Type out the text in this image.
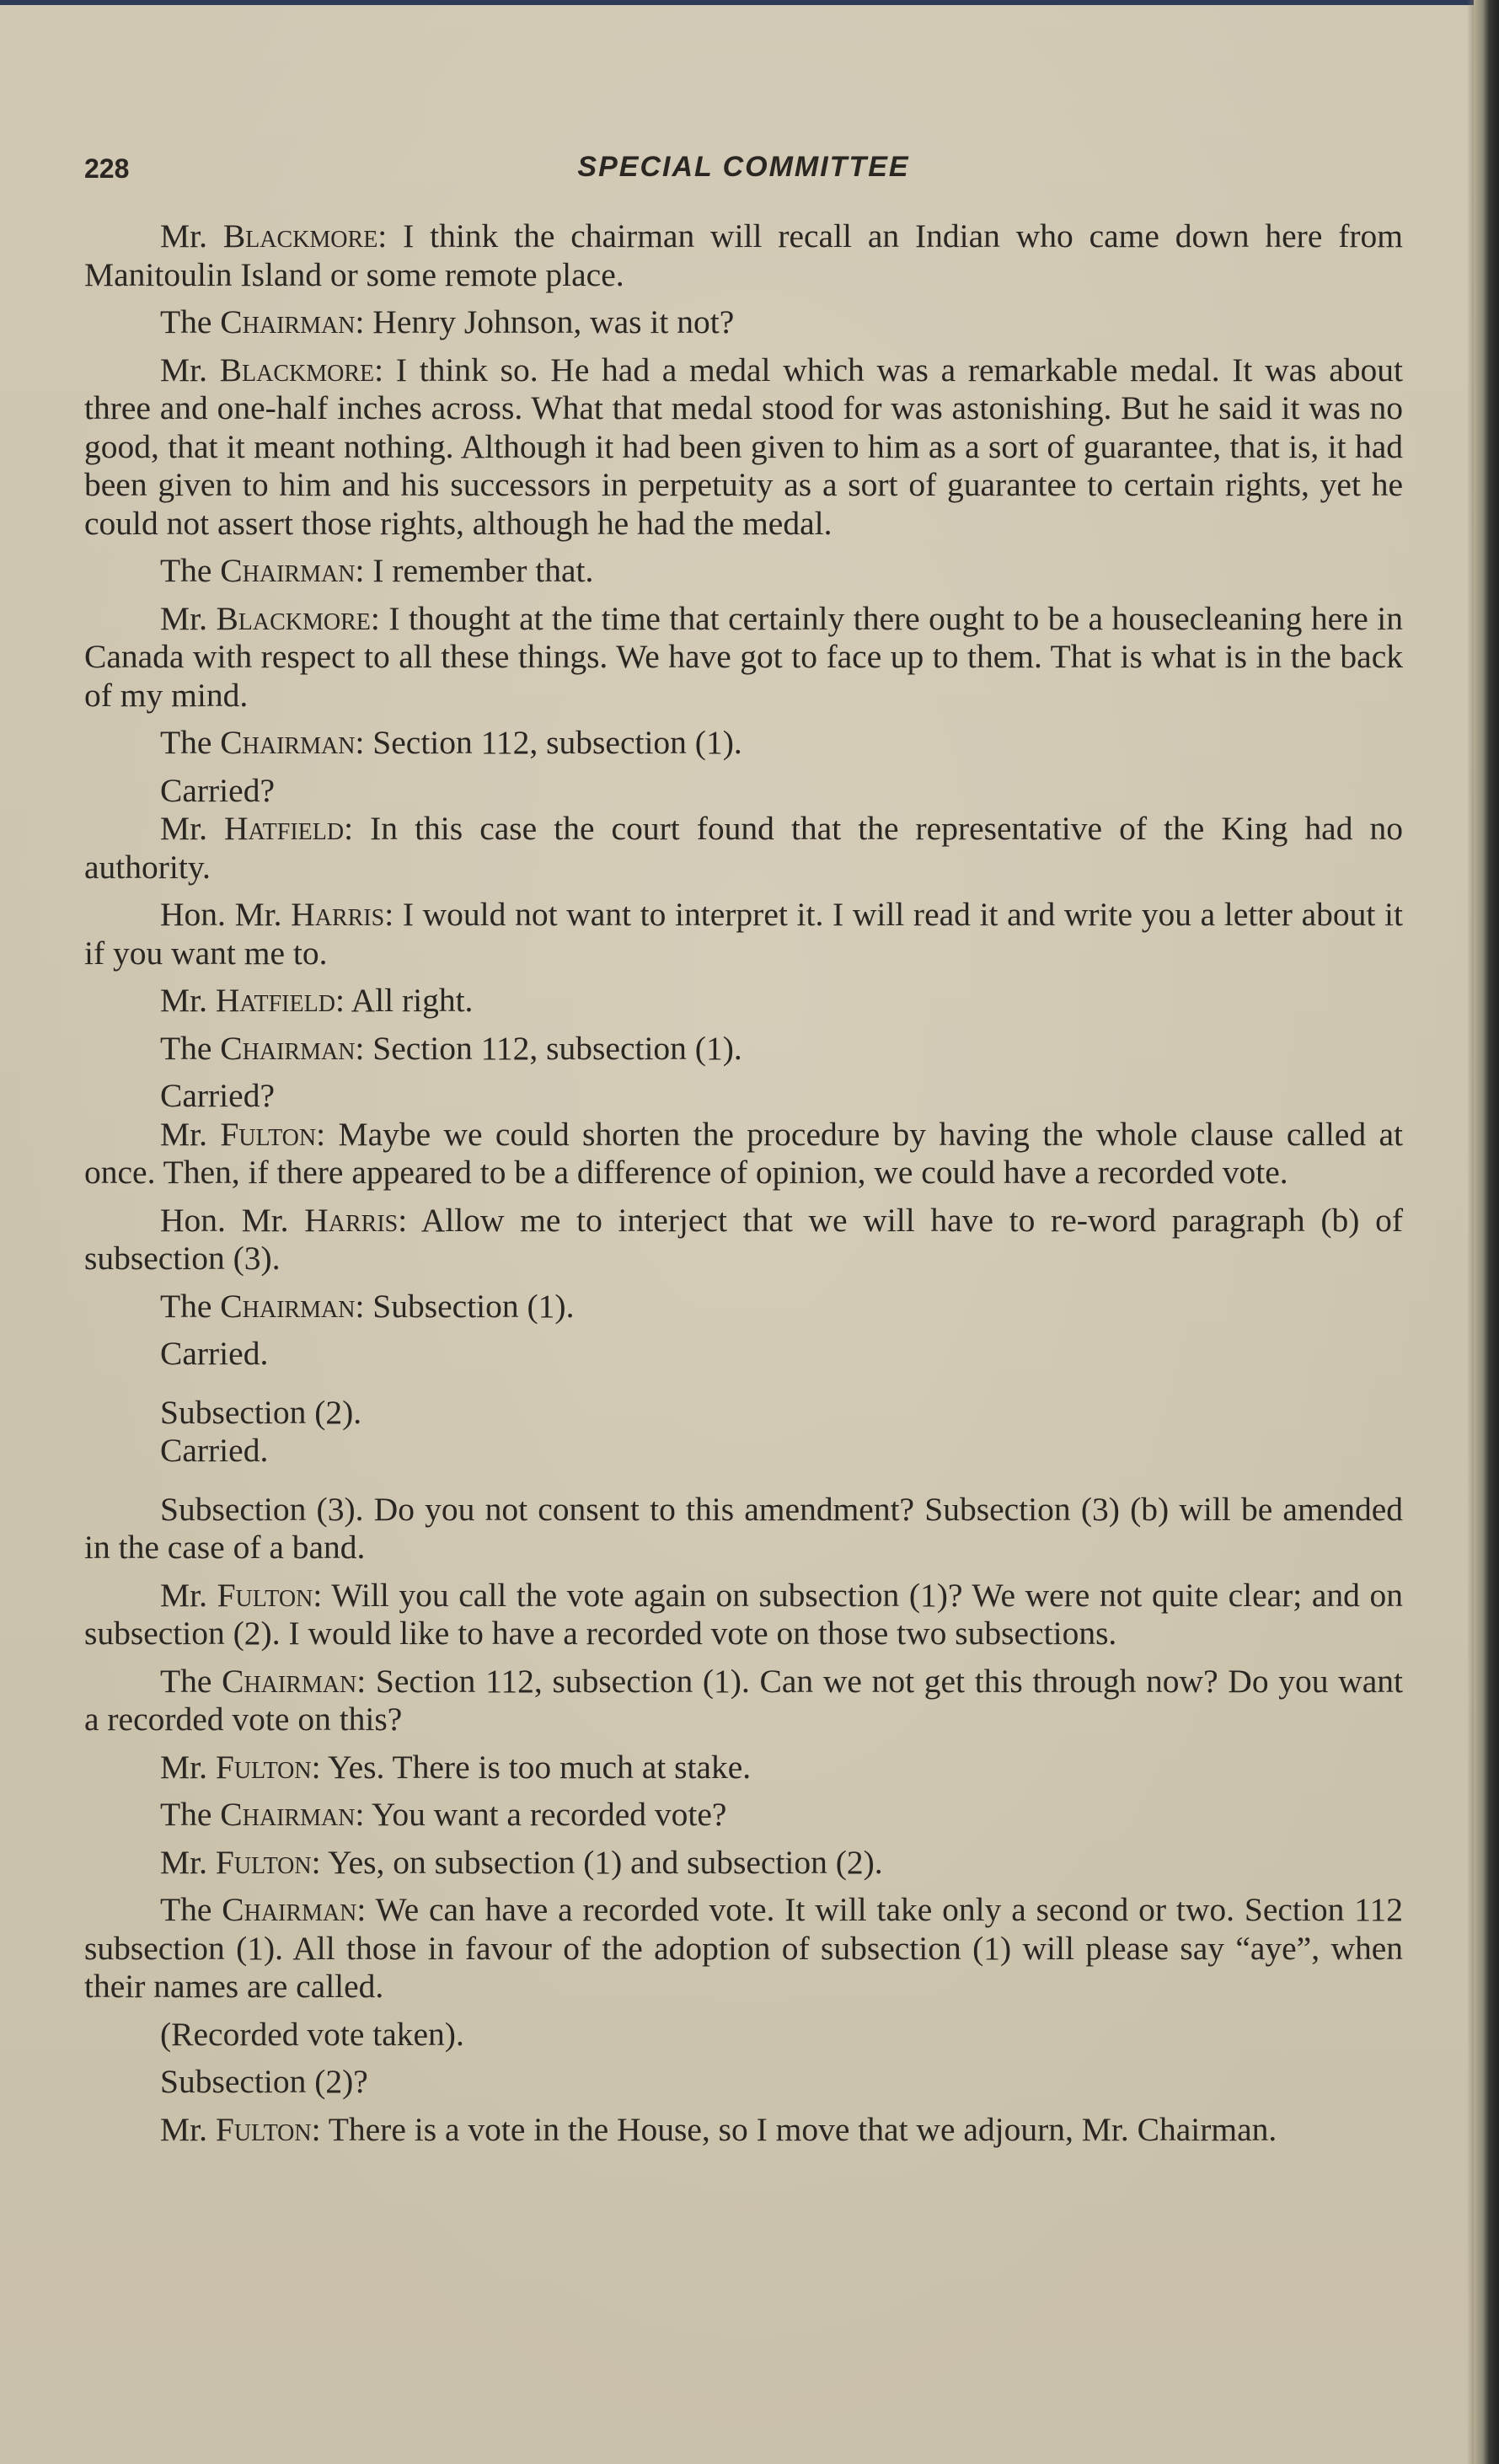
228	SPECIAL COMMITTEE

Mr. Blackmore: I think the chairman will recall an Indian who came down here from Manitoulin Island or some remote place.

The Chairman: Henry Johnson, was it not?

Mr. Blackmore: I think so. He had a medal which was a remarkable medal. It was about three and one-half inches across. What that medal stood for was astonishing. But he said it was no good, that it meant nothing. Although it had been given to him as a sort of guarantee, that is, it had been given to him and his successors in perpetuity as a sort of guarantee to certain rights, yet he could not assert those rights, although he had the medal.

The Chairman: I remember that.

Mr. Blackmore: I thought at the time that certainly there ought to be a housecleaning here in Canada with respect to all these things. We have got to face up to them. That is what is in the back of my mind.

The Chairman: Section 112, subsection (1).

Carried?

Mr. Hatfield: In this case the court found that the representative of the King had no authority.

Hon. Mr. Harris: I would not want to interpret it. I will read it and write you a letter about it if you want me to.

Mr. Hatfield: All right.

The Chairman: Section 112, subsection (1).

Carried?

Mr. Fulton: Maybe we could shorten the procedure by having the whole clause called at once. Then, if there appeared to be a difference of opinion, we could have a recorded vote.

Hon. Mr. Harris: Allow me to interject that we will have to re-word paragraph (b) of subsection (3).

The Chairman: Subsection (1).

Carried.

Subsection (2).

Carried.

Subsection (3). Do you not consent to this amendment? Subsection (3) (b) will be amended in the case of a band.

Mr. Fulton: Will you call the vote again on subsection (1)? We were not quite clear; and on subsection (2). I would like to have a recorded vote on those two subsections.

The Chairman: Section 112, subsection (1). Can we not get this through now? Do you want a recorded vote on this?

Mr. Fulton: Yes. There is too much at stake.

The Chairman: You want a recorded vote?

Mr. Fulton: Yes, on subsection (1) and subsection (2).

The Chairman: We can have a recorded vote. It will take only a second or two. Section 112 subsection (1). All those in favour of the adoption of subsection (1) will please say “aye”, when their names are called.

(Recorded vote taken).

Subsection (2)?

Mr. Fulton: There is a vote in the House, so I move that we adjourn, Mr. Chairman.
